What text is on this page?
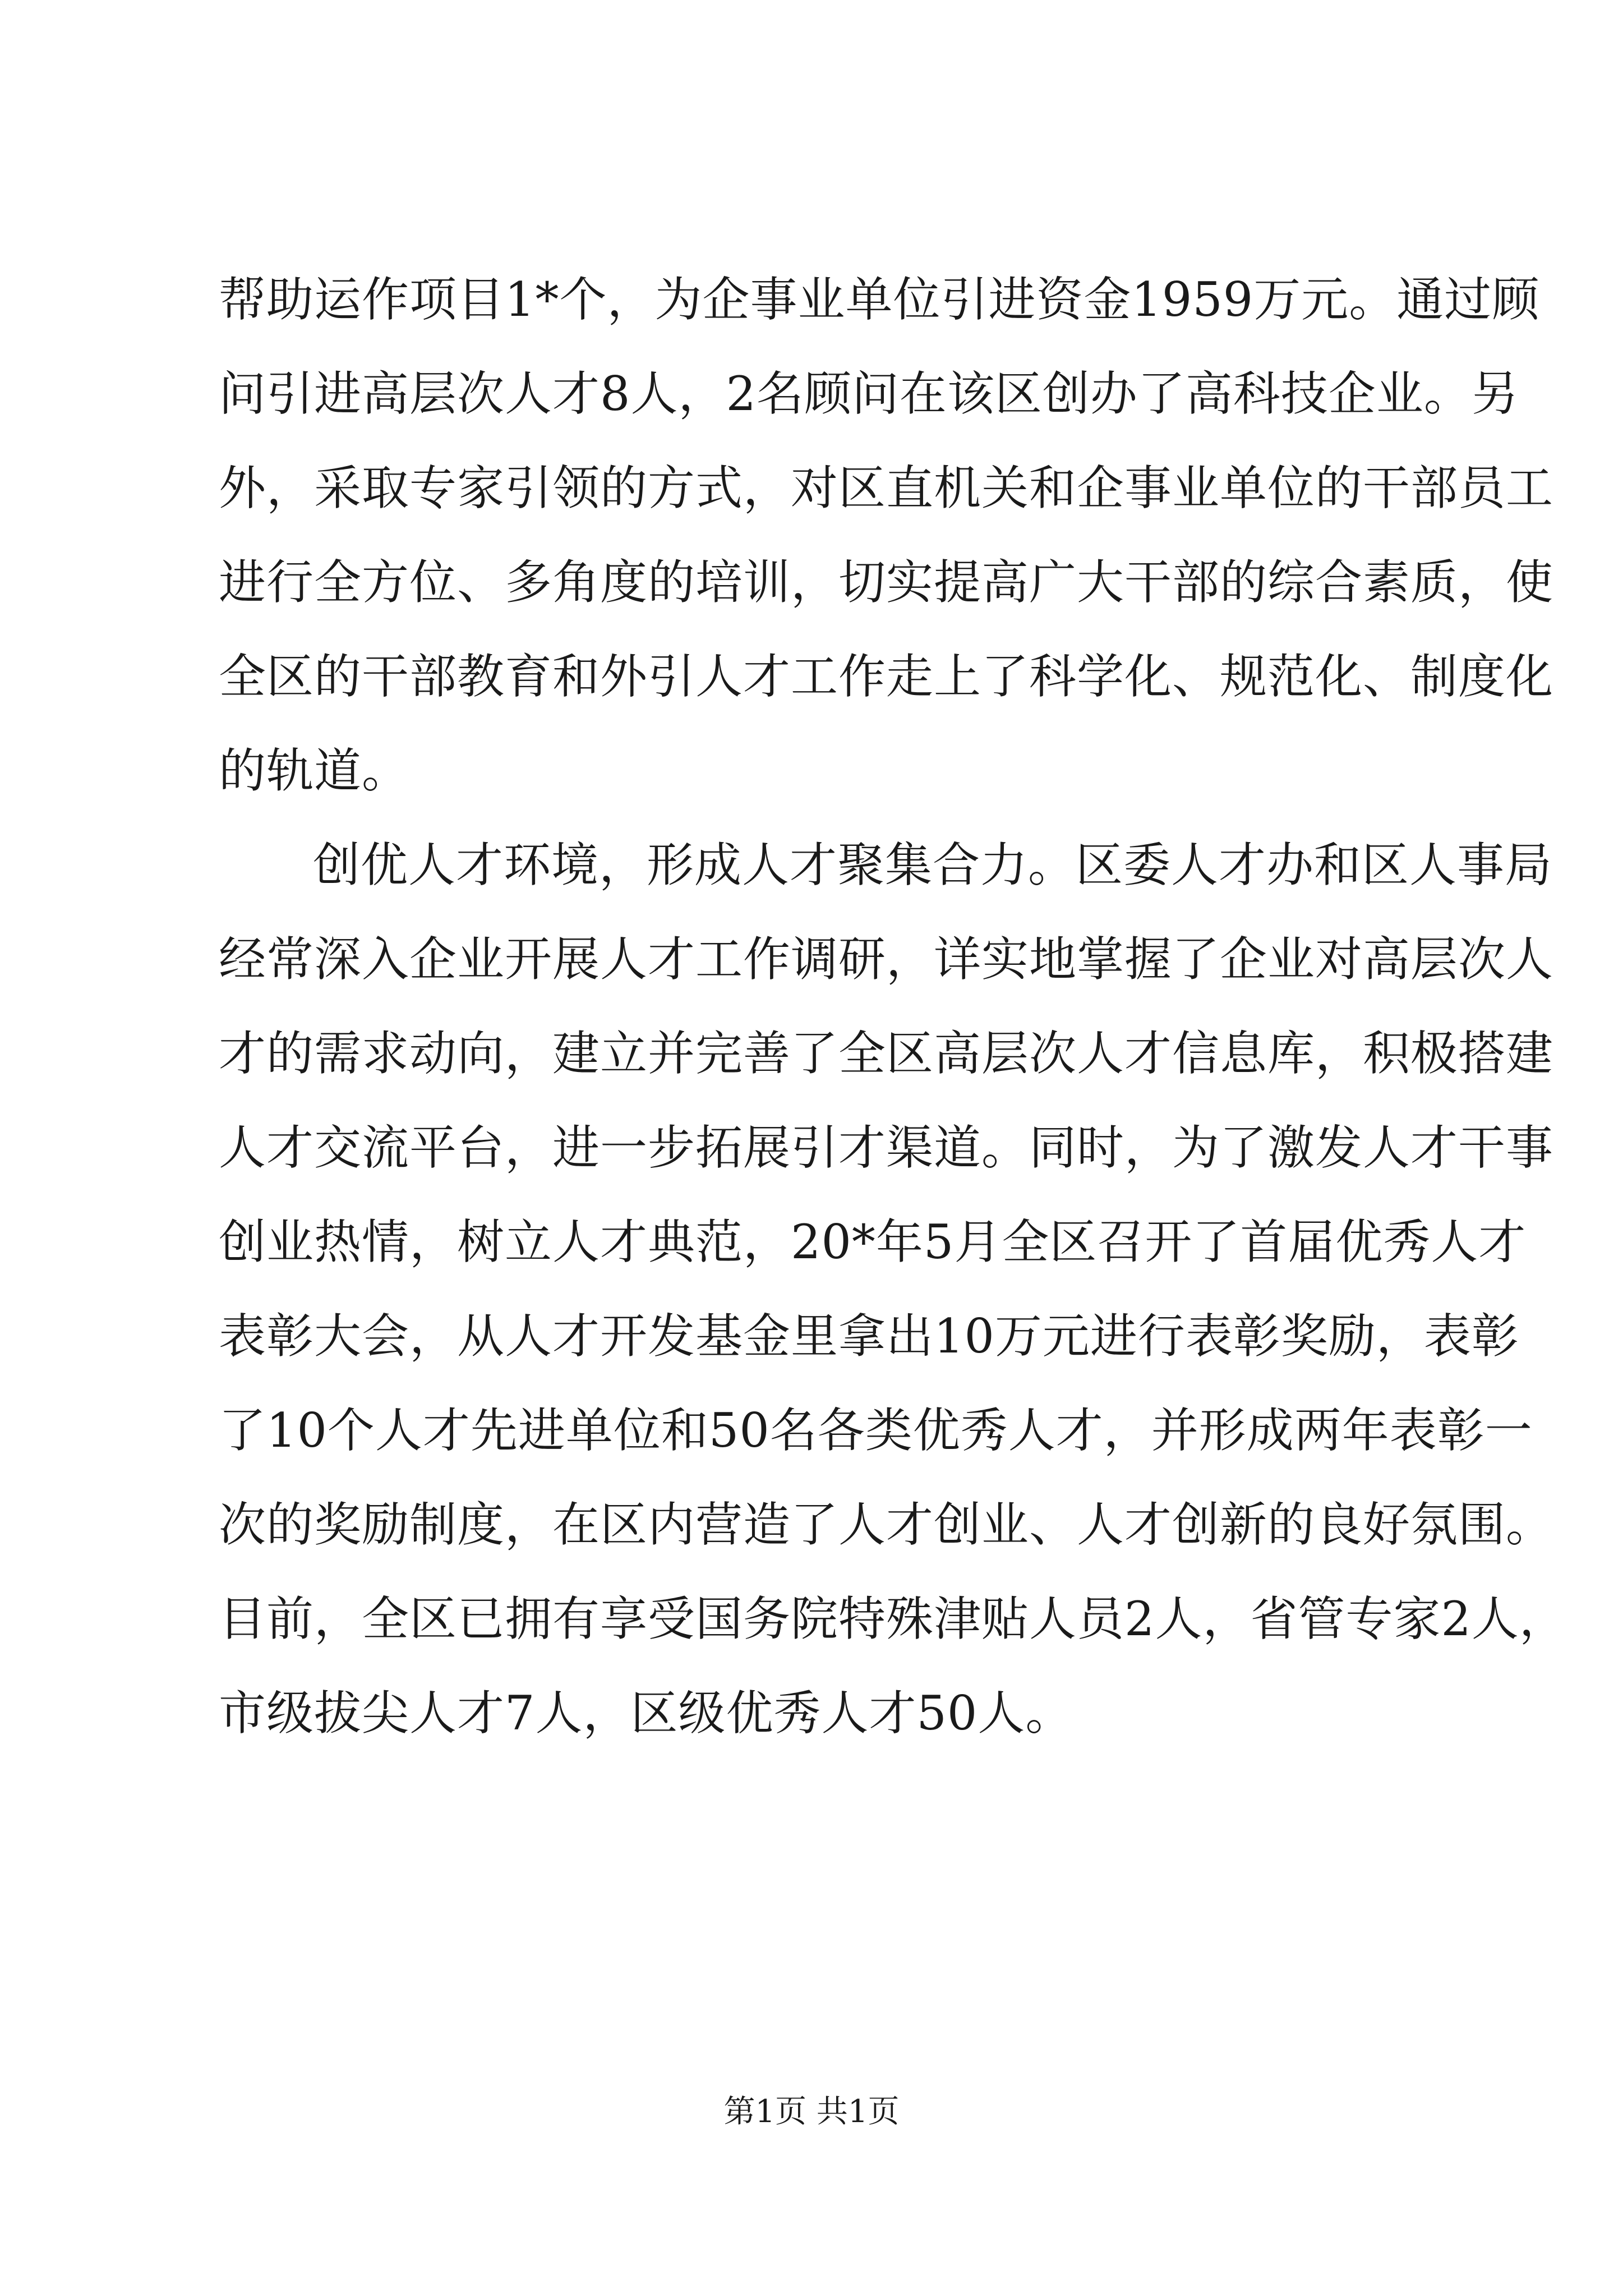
帮助运作项目1*个，为企事业单位引进资金1959万元。通过顾
问引进高层次人才8人，2名顾问在该区创办了高科技企业。另
外，采取专家引领的方式，对区直机关和企事业单位的干部员工
进行全方位、多角度的培训，切实提高广大干部的综合素质，使
全区的干部教育和外引人才工作走上了科学化、规范化、制度化
的轨道。
创优人才环境，形成人才聚集合力。区委人才办和区人事局
经常深入企业开展人才工作调研，详实地掌握了企业对高层次人
才的需求动向，建立并完善了全区高层次人才信息库，积极搭建
人才交流平台，进一步拓展引才渠道。同时，为了激发人才干事
创业热情，树立人才典范，20*年5月全区召开了首届优秀人才
表彰大会，从人才开发基金里拿出10万元进行表彰奖励，表彰
了10个人才先进单位和50名各类优秀人才，并形成两年表彰一
次的奖励制度，在区内营造了人才创业、人才创新的良好氛围。
目前，全区已拥有享受国务院特殊津贴人员2人，省管专家2人，
市级拔尖人才7人，区级优秀人才50人。
第1页 共1页
